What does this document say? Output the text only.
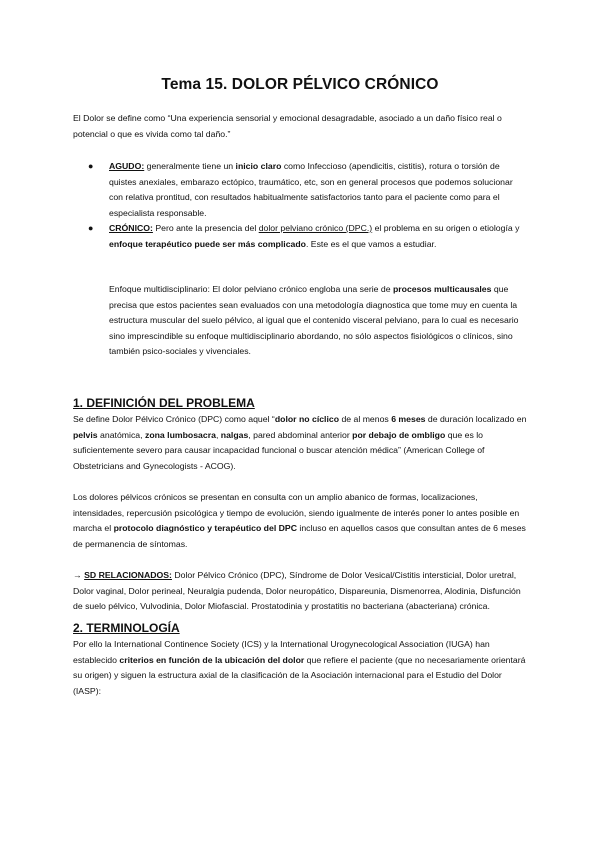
Tema 15. DOLOR PÉLVICO CRÓNICO
El Dolor se define como “Una experiencia sensorial y emocional desagradable, asociado a un daño físico real o potencial o que es vivida como tal daño.”
● AGUDO: generalmente tiene un inicio claro como Infeccioso (apendicitis, cistitis), rotura o torsión de quistes anexiales, embarazo ectópico, traumático, etc, son en general procesos que podemos solucionar con relativa prontitud, con resultados habitualmente satisfactorios tanto para el paciente como para el especialista responsable.
● CRÓNICO: Pero ante la presencia del dolor pelviano crónico (DPC.) el problema en su origen o etiología y enfoque terapéutico puede ser más complicado. Este es el que vamos a estudiar.
Enfoque multidisciplinario: El dolor pelviano crónico engloba una serie de procesos multicausales que precisa que estos pacientes sean evaluados con una metodología diagnostica que tome muy en cuenta la estructura muscular del suelo pélvico, al igual que el contenido visceral pelviano, para lo cual es necesario sino imprescindible su enfoque multidisciplinario abordando, no sólo aspectos fisiológicos o clínicos, sino también psico-sociales y vivenciales.
1. DEFINICIÓN DEL PROBLEMA
Se define Dolor Pélvico Crónico (DPC) como aquel “dolor no cíclico de al menos 6 meses de duración localizado en pelvis anatómica, zona lumbosacra, nalgas, pared abdominal anterior por debajo de ombligo que es lo suficientemente severo para causar incapacidad funcional o buscar atención médica” (American College of Obstetricians and Gynecologists - ACOG).
Los dolores pélvicos crónicos se presentan en consulta con un amplio abanico de formas, localizaciones, intensidades, repercusión psicológica y tiempo de evolución, siendo igualmente de interés poner lo antes posible en marcha el protocolo diagnóstico y terapéutico del DPC incluso en aquellos casos que consultan antes de 6 meses de permanencia de síntomas.
→ SD RELACIONADOS: Dolor Pélvico Crónico (DPC), Síndrome de Dolor Vesical/Cistitis intersticial, Dolor uretral, Dolor vaginal, Dolor perineal, Neuralgia pudenda, Dolor neuropático, Dispareunia, Dismenorrea, Alodinia, Disfunción de suelo pélvico, Vulvodinia, Dolor Miofascial. Prostatodinia y prostatitis no bacteriana (abacteriana) crónica.
2. TERMINOLOGÍA
Por ello la International Continence Society (ICS) y la International Urogynecological Association (IUGA) han establecido criterios en función de la ubicación del dolor que refiere el paciente (que no necesariamente orientará su origen) y siguen la estructura axial de la clasificación de la Asociación internacional para el Estudio del Dolor (IASP):
